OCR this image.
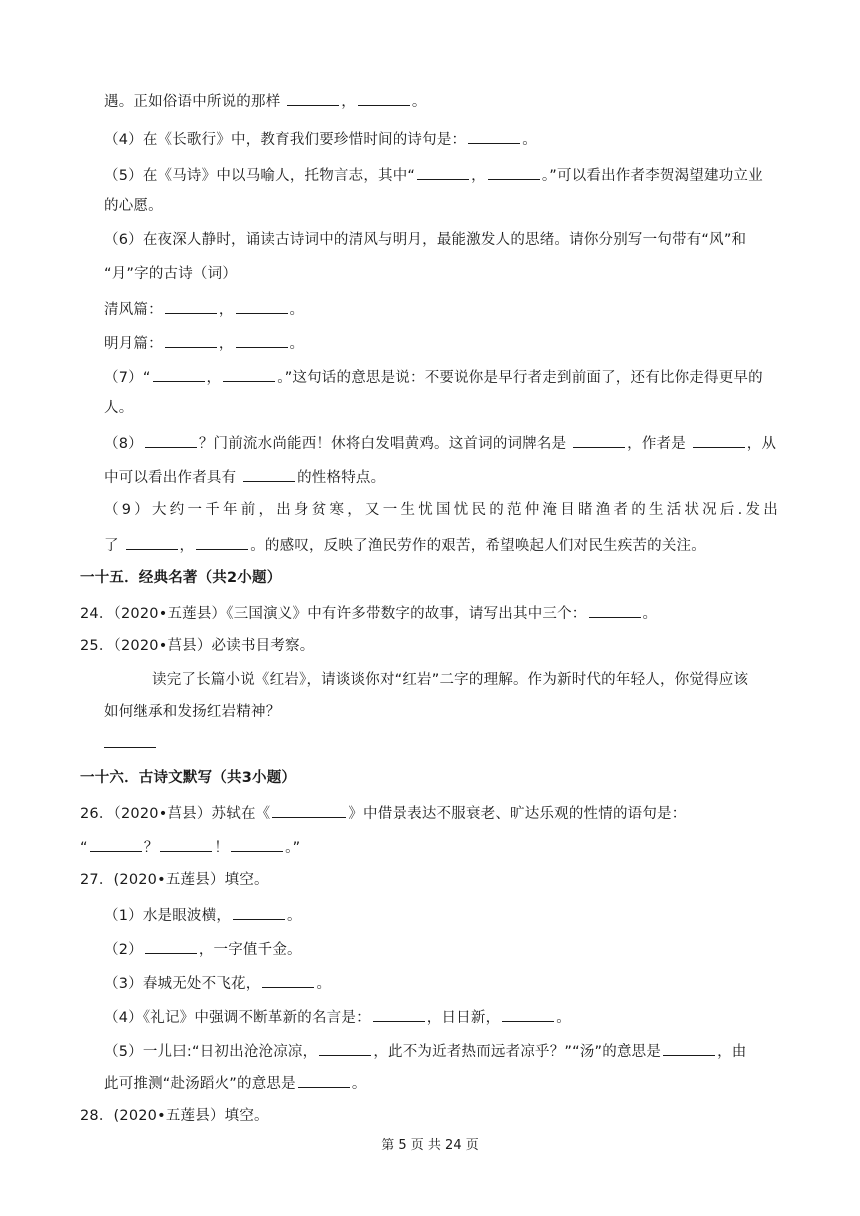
遇。正如俗语中所说的那样	，	。
（4）在《长歌行》中，教育我们要珍惜时间的诗句是：	。
（5）在《马诗》中以马喻人，托物言志，其中“	，	。”可以看出作者李贺渴望建功立业
的心愿。
（6）在夜深人静时，诵读古诗词中的清风与明月，最能激发人的思绪。请你分别写一句带有“风”和
“月”字的古诗（词）
清风篇：	，	。
明月篇：	，	。
（7）“	，	。”这句话的意思是说：不要说你是早行者走到前面了，还有比你走得更早的
人。
（8）	？门前流水尚能西！休将白发唱黄鸡。这首词的词牌名是	，作者是	，从
中可以看出作者具有	的性格特点。
（9）大约一千年前，出身贫寒，又一生忧国忧民的范仲淹目睹渔者的生活状况后.发出
了	，	。的感叹，反映了渔民劳作的艰苦，希望唤起人们对民生疾苦的关注。
一十五．经典名著（共2小题）
24．（2020•五莲县）《三国演义》中有许多带数字的故事，请写出其中三个：	。
25．（2020•莒县）必读书目考察。
读完了长篇小说《红岩》，请谈谈你对“红岩”二字的理解。作为新时代的年轻人，你觉得应该
如何继承和发扬红岩精神？
一十六．古诗文默写（共3小题）
26．（2020•莒县）苏轼在《	》中借景表达不服衰老、旷达乐观的性情的语句是：
“	？	！	。”
27．(2020•五莲县）填空。
（1）水是眼波横，	。
（2）	，一字值千金。
（3）春城无处不飞花，	。
（4）《礼记》中强调不断革新的名言是：	，日日新，	。
（5）一儿曰:“日初出沧沧凉凉，	，此不为近者热而远者凉乎？”“汤”的意思是	，由
此可推测“赴汤蹈火”的意思是	。
28．(2020•五莲县）填空。
第 5 页 共 24 页
